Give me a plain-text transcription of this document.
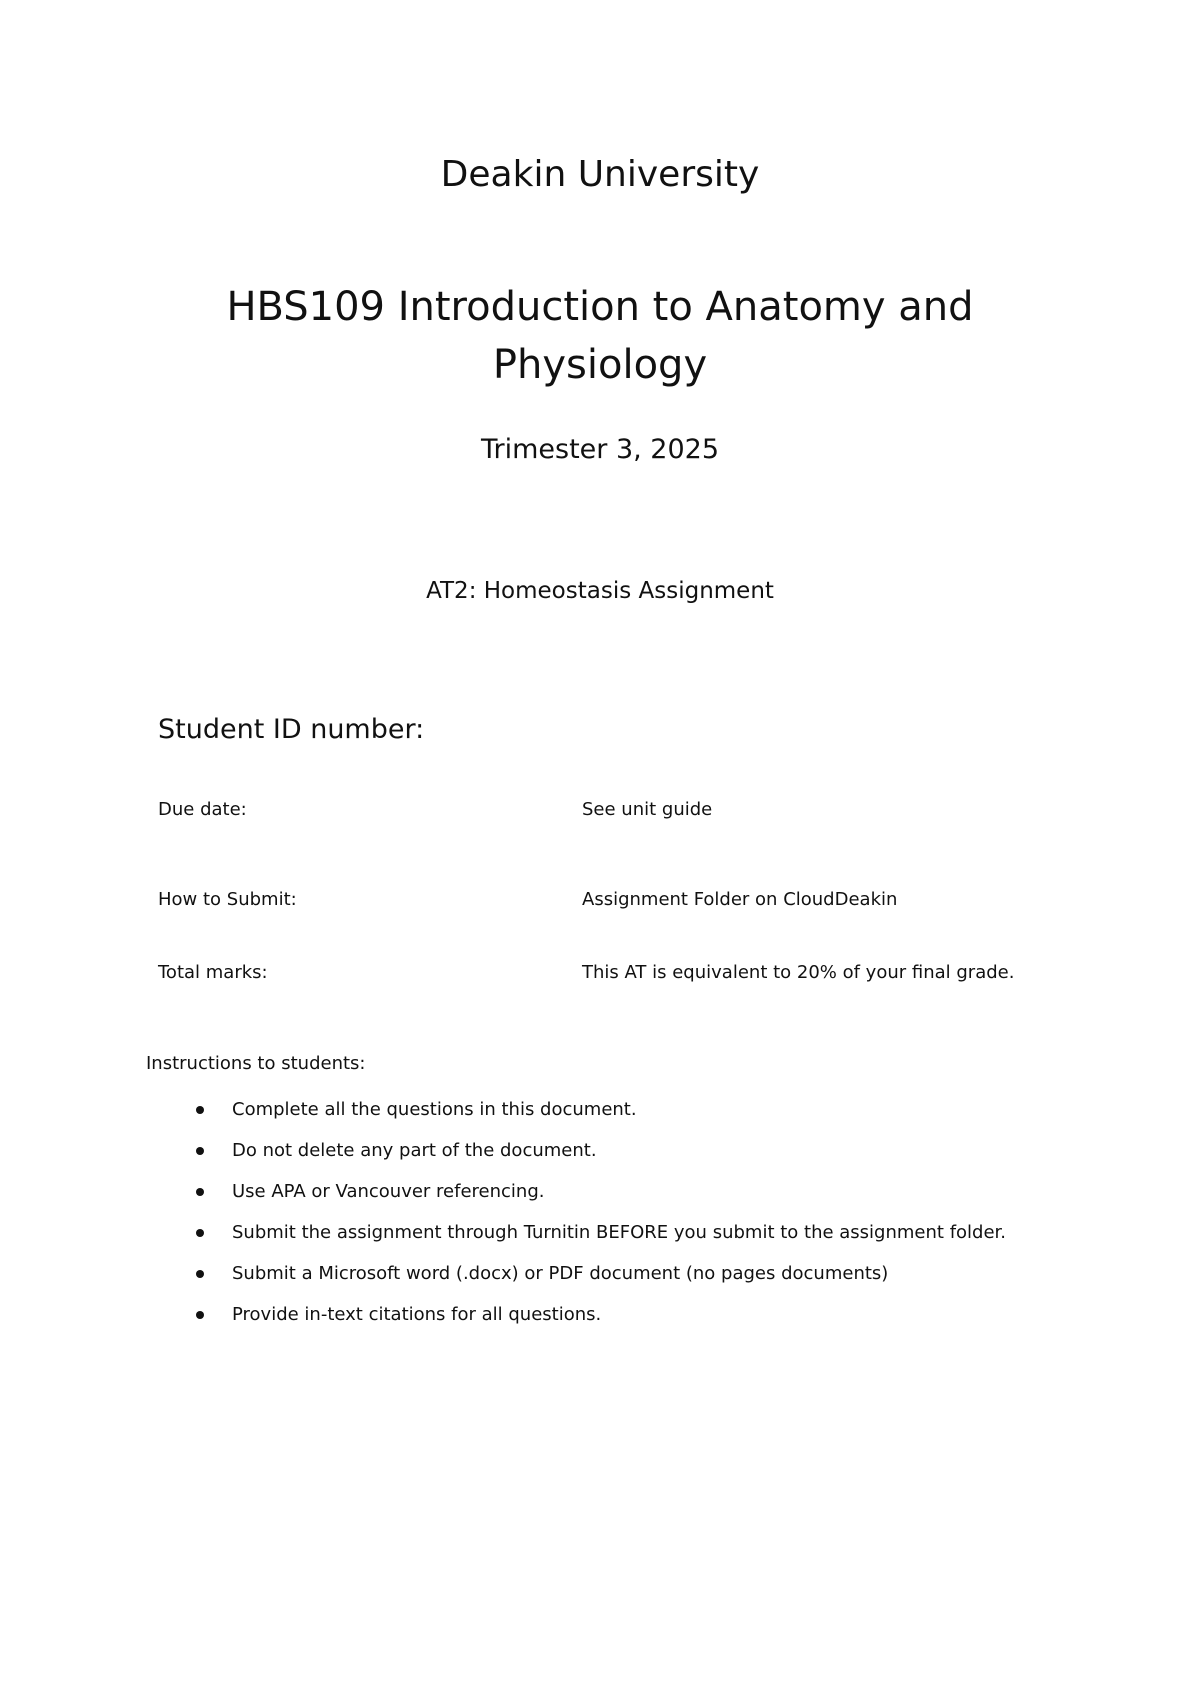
Deakin University
HBS109 Introduction to Anatomy and Physiology
Trimester 3, 2025
AT2: Homeostasis Assignment
Student ID number:
Due date:	See unit guide
How to Submit:	Assignment Folder on CloudDeakin
Total marks:	This AT is equivalent to 20% of your final grade.
Instructions to students:
Complete all the questions in this document.
Do not delete any part of the document.
Use APA or Vancouver referencing.
Submit the assignment through Turnitin BEFORE you submit to the assignment folder.
Submit a Microsoft word (.docx) or PDF document (no pages documents)
Provide in-text citations for all questions.
